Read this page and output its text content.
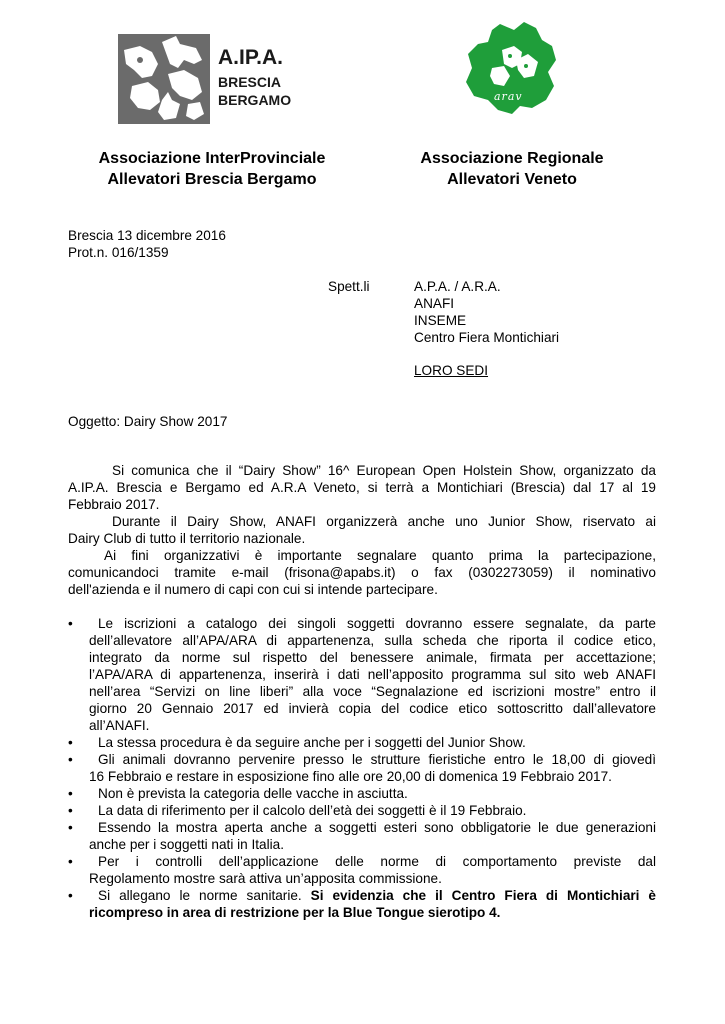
A.IP.A.
BRESCIA
BERGAMO	arav
Associazione InterProvinciale
Allevatori Brescia Bergamo
Associazione Regionale
Allevatori Veneto
Brescia 13 dicembre 2016
Prot.n. 016/1359
Spett.li	A.P.A. / A.R.A.
ANAFI
INSEME
Centro Fiera Montichiari
LORO SEDI
Oggetto: Dairy Show 2017
Si comunica che il “Dairy Show” 16^ European Open Holstein Show, organizzato da
A.IP.A. Brescia e Bergamo ed A.R.A Veneto, si terrà a Montichiari (Brescia) dal 17 al 19
Febbraio 2017.
Durante il Dairy Show, ANAFI organizzerà anche uno Junior Show, riservato ai
Dairy Club di tutto il territorio nazionale.
Ai fini organizzativi è importante segnalare quanto prima la partecipazione,
comunicandoci tramite e-mail (frisona@apabs.it) o fax (0302273059) il nominativo
dell'azienda e il numero di capi con cui si intende partecipare.
• Le iscrizioni a catalogo dei singoli soggetti dovranno essere segnalate, da parte
dell’allevatore all’APA/ARA di appartenenza, sulla scheda che riporta il codice etico,
integrato da norme sul rispetto del benessere animale, firmata per accettazione;
l’APA/ARA di appartenenza, inserirà i dati nell’apposito programma sul sito web ANAFI
nell’area “Servizi on line liberi” alla voce “Segnalazione ed iscrizioni mostre” entro il
giorno 20 Gennaio 2017 ed invierà copia del codice etico sottoscritto dall’allevatore
all’ANAFI.
• La stessa procedura è da seguire anche per i soggetti del Junior Show.
• Gli animali dovranno pervenire presso le strutture fieristiche entro le 18,00 di giovedì
16 Febbraio e restare in esposizione fino alle ore 20,00 di domenica 19 Febbraio 2017.
• Non è prevista la categoria delle vacche in asciutta.
• La data di riferimento per il calcolo dell’età dei soggetti è il 19 Febbraio.
• Essendo la mostra aperta anche a soggetti esteri sono obbligatorie le due generazioni
anche per i soggetti nati in Italia.
• Per i controlli dell’applicazione delle norme di comportamento previste dal
Regolamento mostre sarà attiva un’apposita commissione.
• Si allegano le norme sanitarie. Si evidenzia che il Centro Fiera di Montichiari è
ricompreso in area di restrizione per la Blue Tongue sierotipo 4.
